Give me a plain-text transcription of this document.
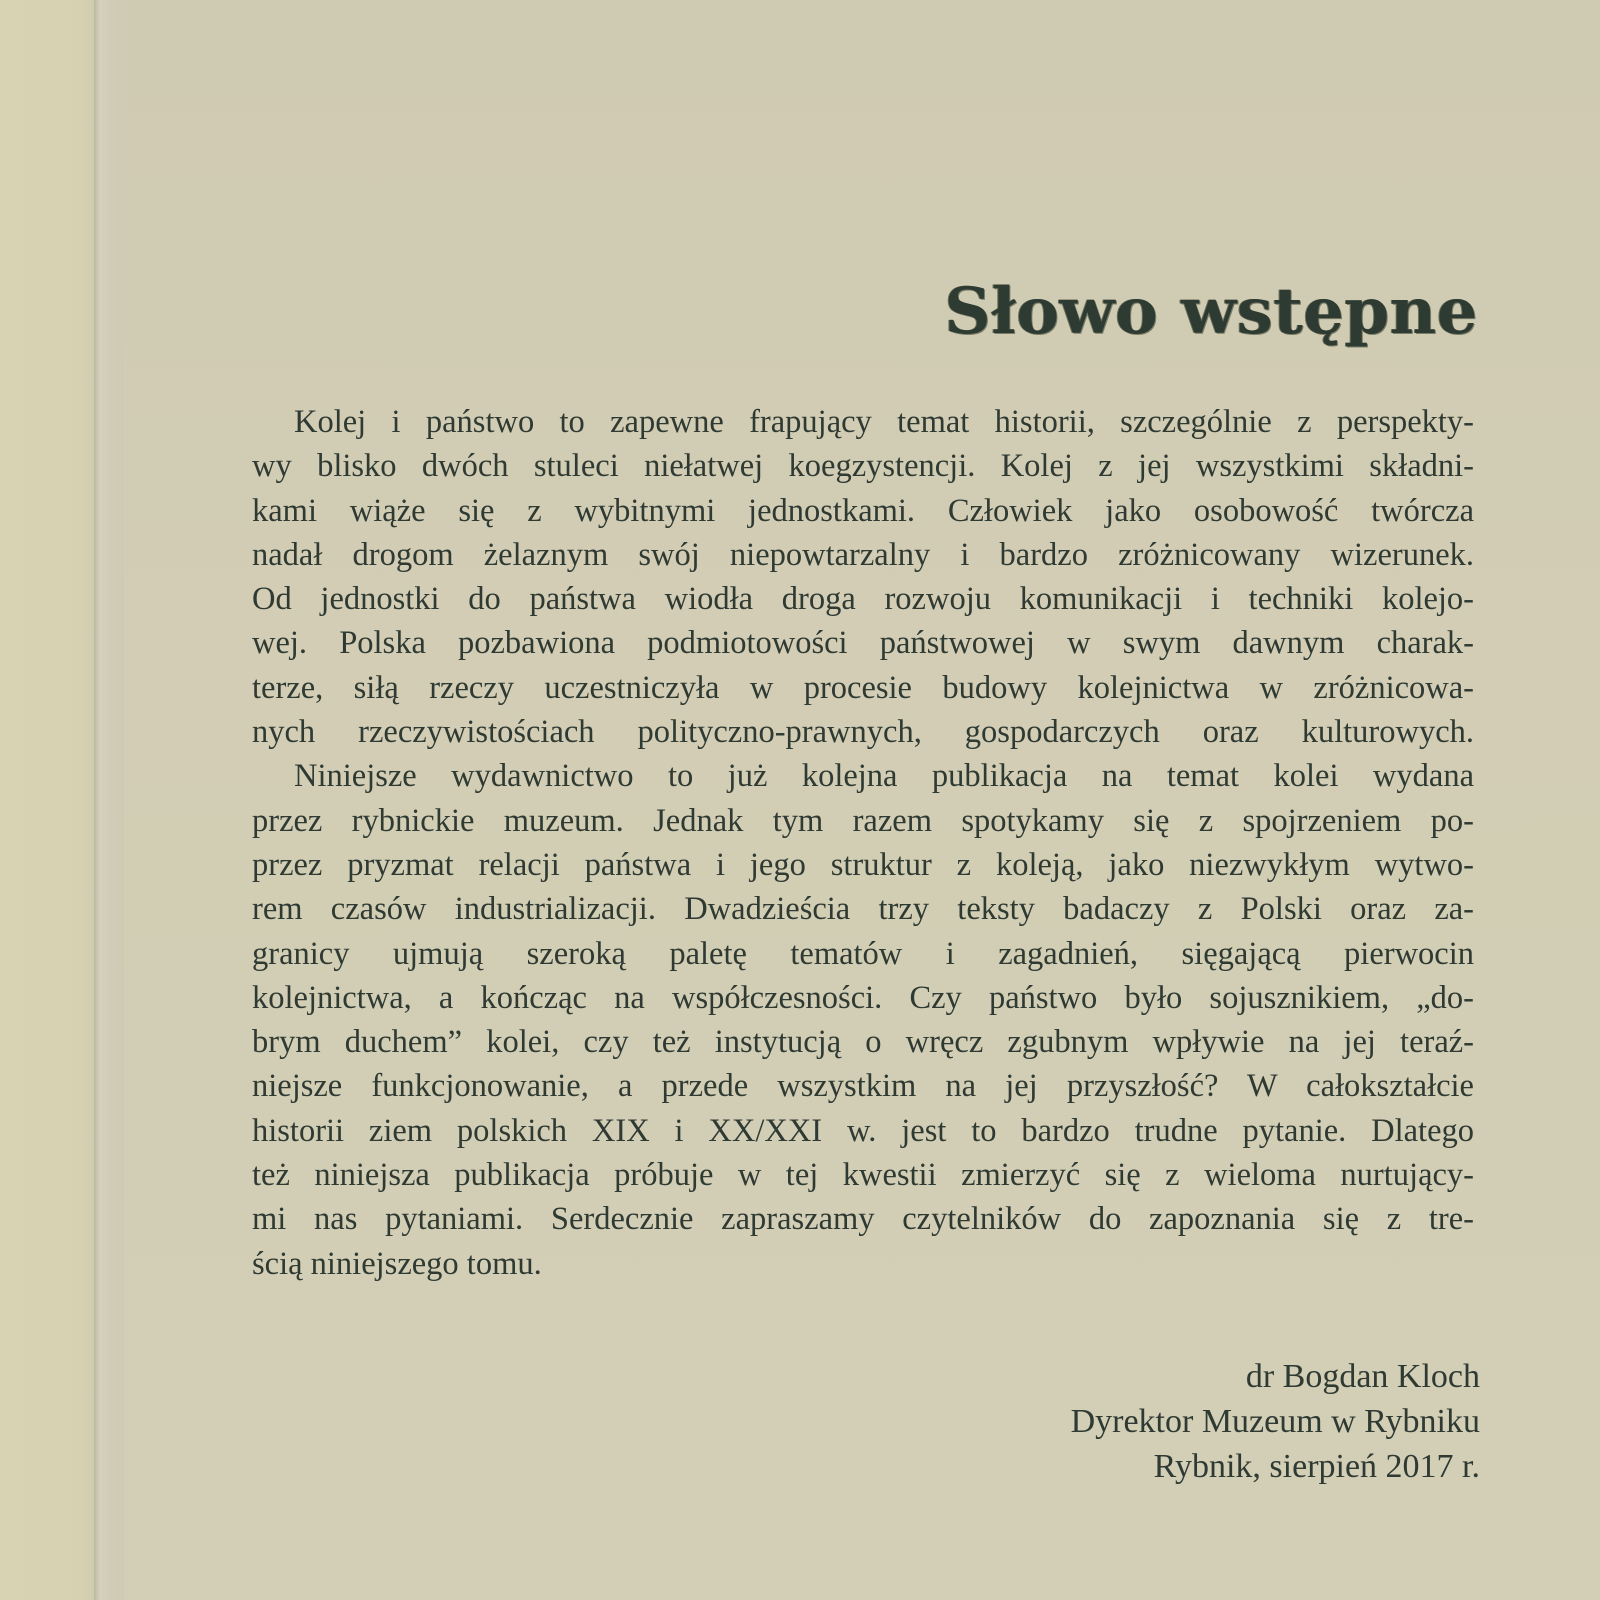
Słowo wstępne
Kolej i państwo to zapewne frapujący temat historii, szczególnie z perspekty-
wy blisko dwóch stuleci niełatwej koegzystencji. Kolej z jej wszystkimi składni-
kami wiąże się z wybitnymi jednostkami. Człowiek jako osobowość twórcza
nadał drogom żelaznym swój niepowtarzalny i bardzo zróżnicowany wizerunek.
Od jednostki do państwa wiodła droga rozwoju komunikacji i techniki kolejo-
wej. Polska pozbawiona podmiotowości państwowej w swym dawnym charak-
terze, siłą rzeczy uczestniczyła w procesie budowy kolejnictwa w zróżnicowa-
nych rzeczywistościach polityczno-prawnych, gospodarczych oraz kulturowych.
Niniejsze wydawnictwo to już kolejna publikacja na temat kolei wydana
przez rybnickie muzeum. Jednak tym razem spotykamy się z spojrzeniem po-
przez pryzmat relacji państwa i jego struktur z koleją, jako niezwykłym wytwo-
rem czasów industrializacji. Dwadzieścia trzy teksty badaczy z Polski oraz za-
granicy ujmują szeroką paletę tematów i zagadnień, sięgającą pierwocin
kolejnictwa, a kończąc na współczesności. Czy państwo było sojusznikiem, „do-
brym duchem” kolei, czy też instytucją o wręcz zgubnym wpływie na jej teraź-
niejsze funkcjonowanie, a przede wszystkim na jej przyszłość? W całokształcie
historii ziem polskich XIX i XX/XXI w. jest to bardzo trudne pytanie. Dlatego
też niniejsza publikacja próbuje w tej kwestii zmierzyć się z wieloma nurtujący-
mi nas pytaniami. Serdecznie zapraszamy czytelników do zapoznania się z tre-
ścią niniejszego tomu.
dr Bogdan Kloch
Dyrektor Muzeum w Rybniku
Rybnik, sierpień 2017 r.
